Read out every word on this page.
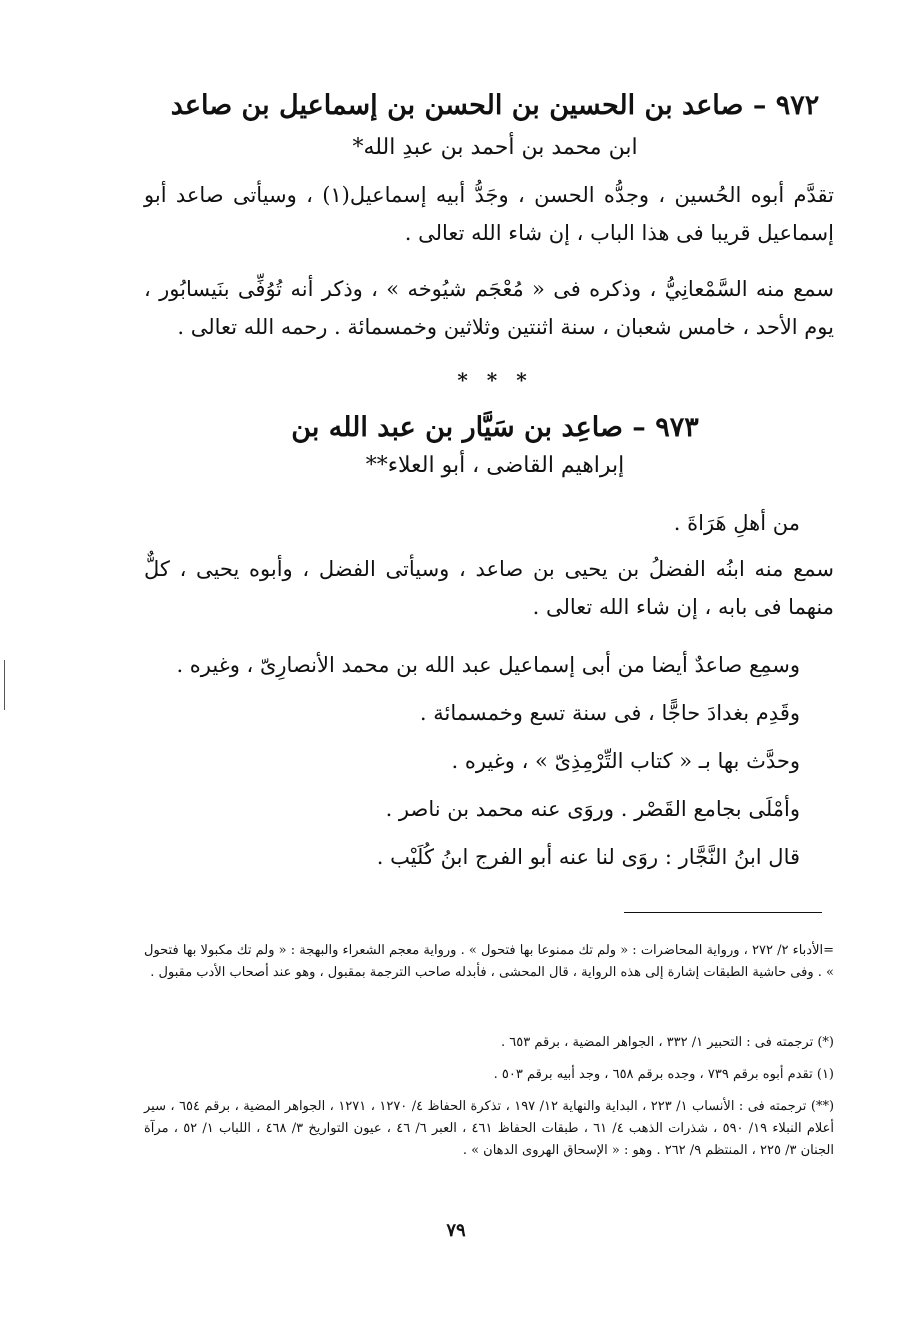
٩٧٢ – صاعد بن الحسين بن الحسن بن إسماعيل بن صاعد
ابن محمد بن أحمد بن عبدِ الله*
تقدَّم أبوه الحُسين ، وجدُّه الحسن ، وجَدُّ أبيه إسماعيل(١) ، وسيأتى صاعد أبو إسماعيل قريبا فى هذا الباب ، إن شاء الله تعالى .
سمع منه السَّمْعانِيُّ ، وذكره فى « مُعْجَم شيُوخه » ، وذكر أنه تُوُفِّى بنَيسابُور ، يوم الأحد ، خامس شعبان ، سنة اثنتين وثلاثين وخمسمائة . رحمه الله تعالى .
* * *
٩٧٣ – صاعِد بن سَيَّار بن عبد الله بن
إبراهيم القاضى ، أبو العلاء**
من أهلِ هَرَاةَ .
سمع منه ابنُه الفضلُ بن يحيى بن صاعد ، وسيأتى الفضل ، وأبوه يحيى ، كلٌّ منهما فى بابه ، إن شاء الله تعالى .
وسمِع صاعدٌ أيضا من أبى إسماعيل عبد الله بن محمد الأنصارِىّ ، وغيره .
وقَدِم بغدادَ حاجًّا ، فى سنة تسع وخمسمائة .
وحدَّث بها بـ « كتاب التِّرْمِذِىّ » ، وغيره .
وأمْلَى بجامع القَصْر . وروَى عنه محمد بن ناصر .
قال ابنُ النَّجَّار : روَى لنا عنه أبو الفرج ابنُ كُلَيْب .
=الأدباء ٢/ ٢٧٢ ، ورواية المحاضرات : « ولم تك ممنوعا بها فتحول » . ورواية معجم الشعراء والبهجة : « ولم تك مكبولا بها فتحول » . وفى حاشية الطبقات إشارة إلى هذه الرواية ، قال المحشى ، فأبدله صاحب الترجمة بمقبول ، وهو عند أصحاب الأدب مقبول .
(*) ترجمته فى : التحبير ١/ ٣٣٢ ، الجواهر المضية ، برقم ٦٥٣ .
(١) تقدم أبوه برقم ٧٣٩ ، وجده برقم ٦٥٨ ، وجد أبيه برقم ٥٠٣ .
(**) ترجمته فى : الأنساب ١/ ٢٢٣ ، البداية والنهاية ١٢/ ١٩٧ ، تذكرة الحفاظ ٤/ ١٢٧٠ ، ١٢٧١ ، الجواهر المضية ، برقم ٦٥٤ ، سير أعلام النبلاء ١٩/ ٥٩٠ ، شذرات الذهب ٤/ ٦١ ، طبقات الحفاظ ٤٦١ ، العبر ٦/ ٤٦ ، عيون التواريخ ٣/ ٤٦٨ ، اللباب ١/ ٥٢ ، مرآة الجنان ٣/ ٢٢٥ ، المنتظم ٩/ ٢٦٢ . وهو : « الإسحاق الهروى الدهان » .
٧٩
